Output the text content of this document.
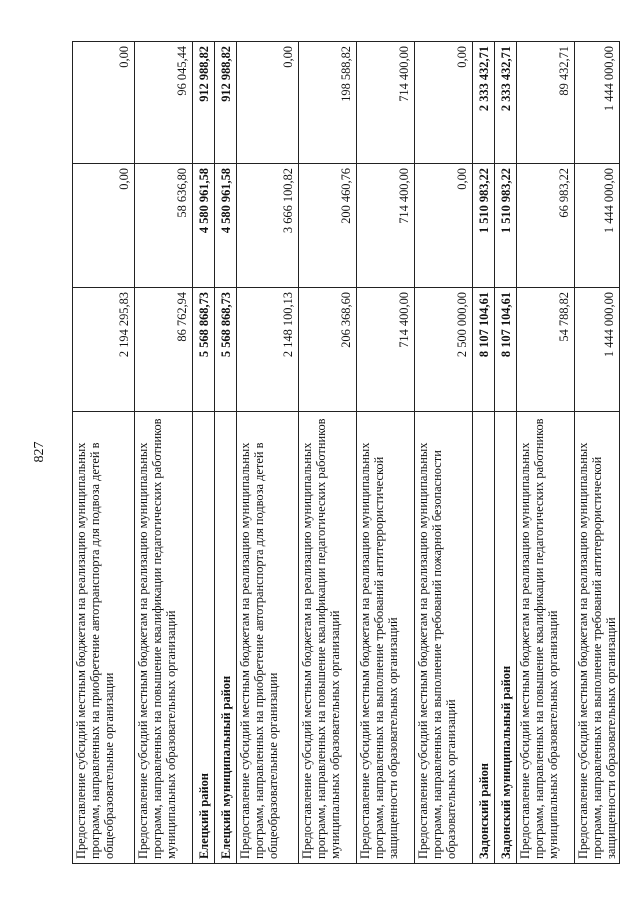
827 Предоставление субсидий местным бюджетам на реализацию муниципальных программ, направленных на приобретение автотранспорта для подвоза детей в общеобразовательные организации	2 194 295,83	0,00	0,00
Предоставление субсидий местным бюджетам на реализацию муниципальных программ, направленных на повышение квалификации педагогических работников муниципальных образовательных организаций	86 762,94	58 636,80	96 045,44
Елецкий район	5 568 868,73	4 580 961,58	912 988,82
Елецкий муниципальный район	5 568 868,73	4 580 961,58	912 988,82
Предоставление субсидий местным бюджетам на реализацию муниципальных программ, направленных на приобретение автотранспорта для подвоза детей в общеобразовательные организации	2 148 100,13	3 666 100,82	0,00
Предоставление субсидий местным бюджетам на реализацию муниципальных программ, направленных на повышение квалификации педагогических работников муниципальных образовательных организаций	206 368,60	200 460,76	198 588,82
Предоставление субсидий местным бюджетам на реализацию муниципальных программ, направленных на выполнение требований антитеррористической защищенности образовательных организаций	714 400,00	714 400,00	714 400,00
Предоставление субсидий местным бюджетам на реализацию муниципальных программ, направленных на выполнение требований пожарной безопасности образовательных организаций	2 500 000,00	0,00	0,00
Задонский район	8 107 104,61	1 510 983,22	2 333 432,71
Задонский муниципальный район	8 107 104,61	1 510 983,22	2 333 432,71
Предоставление субсидий местным бюджетам на реализацию муниципальных программ, направленных на повышение квалификации педагогических работников муниципальных образовательных организаций	54 788,82	66 983,22	89 432,71
Предоставление субсидий местным бюджетам на реализацию муниципальных программ, направленных на выполнение требований антитеррористической защищенности образовательных организаций	1 444 000,00	1 444 000,00	1 444 000,00
